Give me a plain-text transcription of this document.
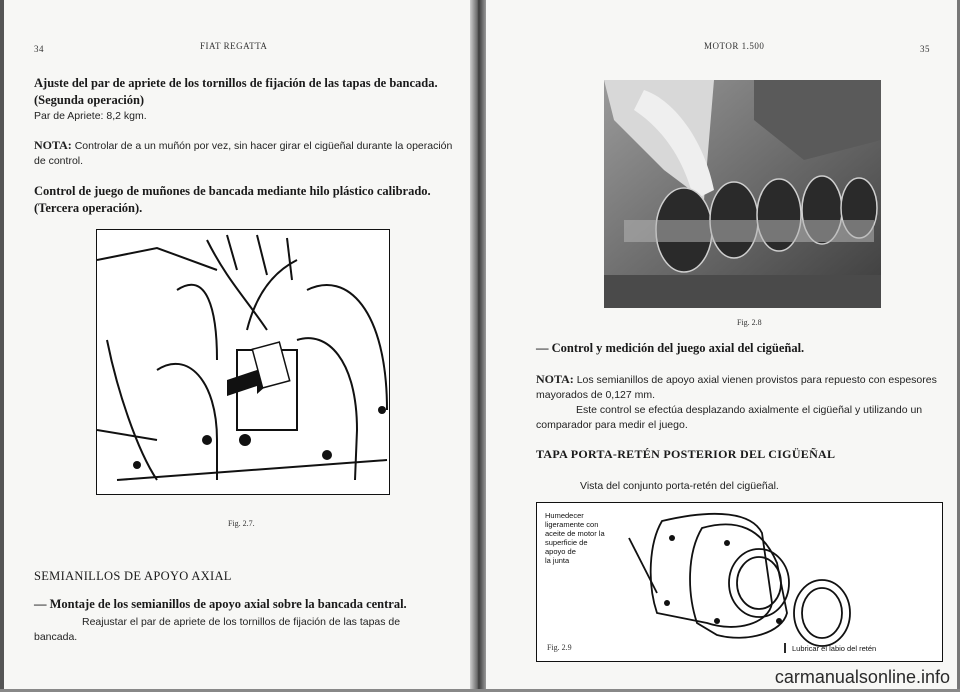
34	FIAT REGATTA

Ajuste del par de apriete de los tornillos de fijación de las tapas de bancada. (Segunda operación)

Par de Apriete: 8,2 kgm.
NOTA: Controlar de a un muñón por vez, sin hacer girar el cigüeñal durante la operación de control.

Control de juego de muñones de bancada mediante hilo plástico calibrado. (Tercera operación).

Fig. 2.7.
SEMIANILLOS DE APOYO AXIAL

— Montaje de los semianillos de apoyo axial sobre la bancada central.

Reajustar el par de apriete de los tornillos de fijación de las tapas de bancada.
MOTOR 1.500	35
Fig. 2.8
— Control y medición del juego axial del cigüeñal.
NOTA: Los semianillos de apoyo axial vienen provistos para repuesto con espesores mayorados de 0,127 mm.
Este control se efectúa desplazando axialmente el cigüeñal y utilizando un comparador para medir el juego.
TAPA PORTA-RETÉN POSTERIOR DEL CIGÜEÑAL
Vista del conjunto porta-retén del cigüeñal.
Humedecer
ligeramente con
aceite de motor la
superficie de
apoyo de
la junta
Fig. 2.9	Lubricar el labio del retén
carmanualsonline.info
